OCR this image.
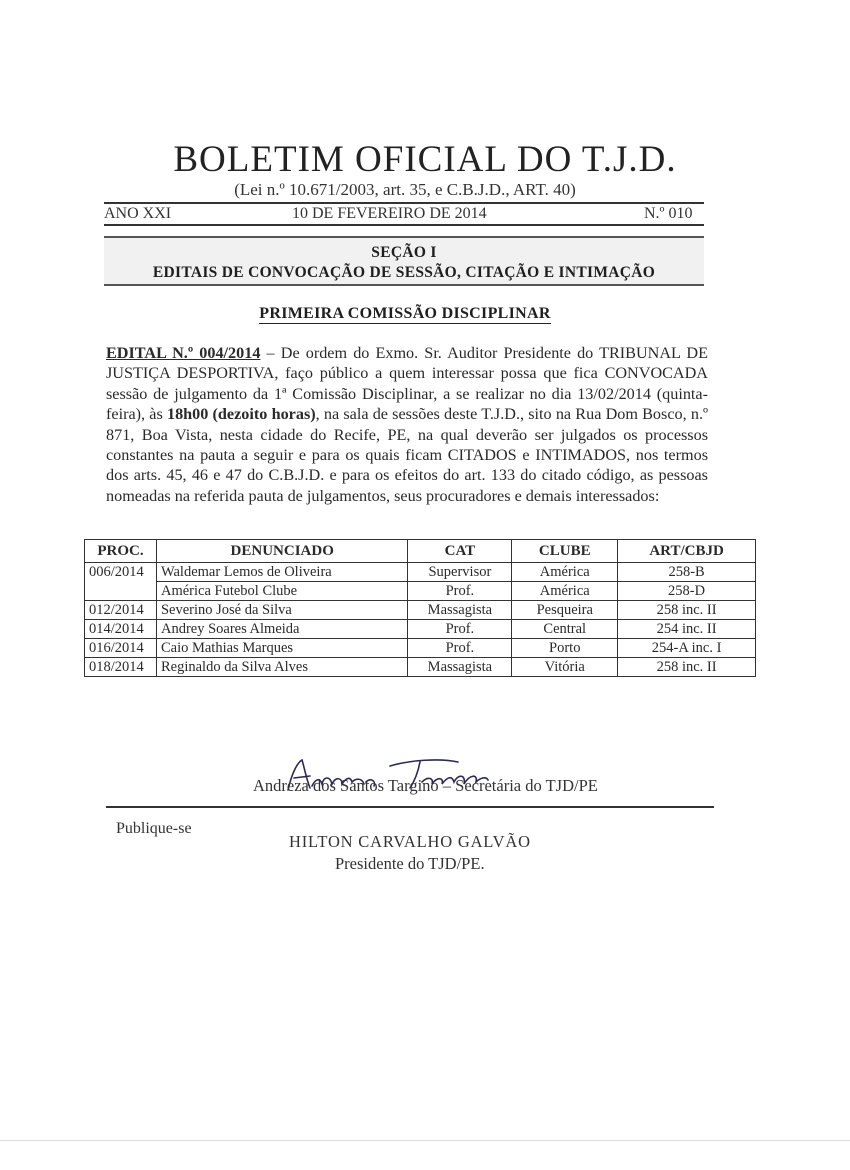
BOLETIM OFICIAL DO T.J.D.
(Lei n.º 10.671/2003, art. 35, e C.B.J.D., ART. 40)
ANO XXI	10 DE FEVEREIRO DE 2014	N.º 010
SEÇÃO I
EDITAIS DE CONVOCAÇÃO DE SESSÃO, CITAÇÃO E INTIMAÇÃO
PRIMEIRA COMISSÃO DISCIPLINAR
EDITAL N.º 004/2014 – De ordem do Exmo. Sr. Auditor Presidente do TRIBUNAL DE JUSTIÇA DESPORTIVA, faço público a quem interessar possa que fica CONVOCADA sessão de julgamento da 1ª Comissão Disciplinar, a se realizar no dia 13/02/2014 (quinta-feira), às 18h00 (dezoito horas), na sala de sessões deste T.J.D., sito na Rua Dom Bosco, n.º 871, Boa Vista, nesta cidade do Recife, PE, na qual deverão ser julgados os processos constantes na pauta a seguir e para os quais ficam CITADOS e INTIMADOS, nos termos dos arts. 45, 46 e 47 do C.B.J.D. e para os efeitos do art. 133 do citado código, as pessoas nomeadas na referida pauta de julgamentos, seus procuradores e demais interessados:
PROC.	DENUNCIADO	CAT	CLUBE	ART/CBJD
006/2014	Waldemar Lemos de Oliveira	Supervisor	América	258-B
	América Futebol Clube	Prof.	América	258-D
012/2014	Severino José da Silva	Massagista	Pesqueira	258 inc. II
014/2014	Andrey Soares Almeida	Prof.	Central	254 inc. II
016/2014	Caio Mathias Marques	Prof.	Porto	254-A inc. I
018/2014	Reginaldo da Silva Alves	Massagista	Vitória	258 inc. II
Andreza dos Santos Targino – Secretária do TJD/PE
Publique-se
HILTON CARVALHO GALVÃO
Presidente do TJD/PE.
